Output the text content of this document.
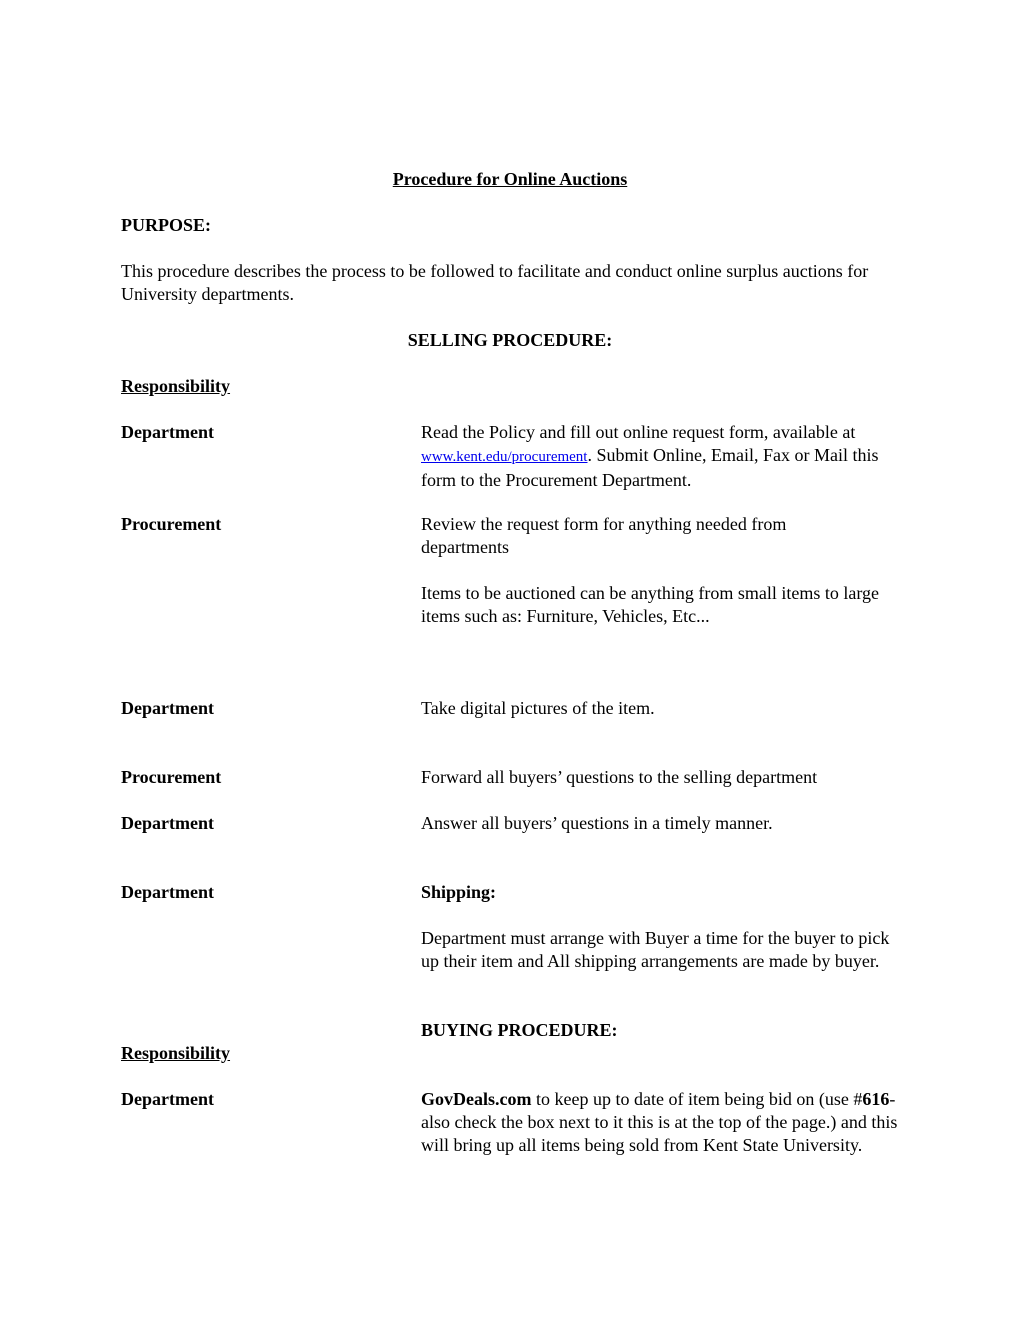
Procedure for Online Auctions
PURPOSE:
This procedure describes the process to be followed to facilitate and conduct online surplus auctions for University departments.
SELLING PROCEDURE:
Responsibility
Department	Read the Policy and fill out online request form, available at www.kent.edu/procurement. Submit Online, Email, Fax or Mail this form to the Procurement Department.
Procurement	Review the request form for anything needed from departments
Items to be auctioned can be anything from small items to large items such as: Furniture, Vehicles, Etc...
Department	Take digital pictures of the item.
Procurement	Forward all buyers’ questions to the selling department
Department	Answer all buyers’ questions in a timely manner.
Department	Shipping:
Department must arrange with Buyer a time for the buyer to pick up their item and All shipping arrangements are made by buyer.
BUYING PROCEDURE:
Responsibility
Department	GovDeals.com to keep up to date of item being bid on (use #616-also check the box next to it this is at the top of the page.) and this will bring up all items being sold from Kent State University.
